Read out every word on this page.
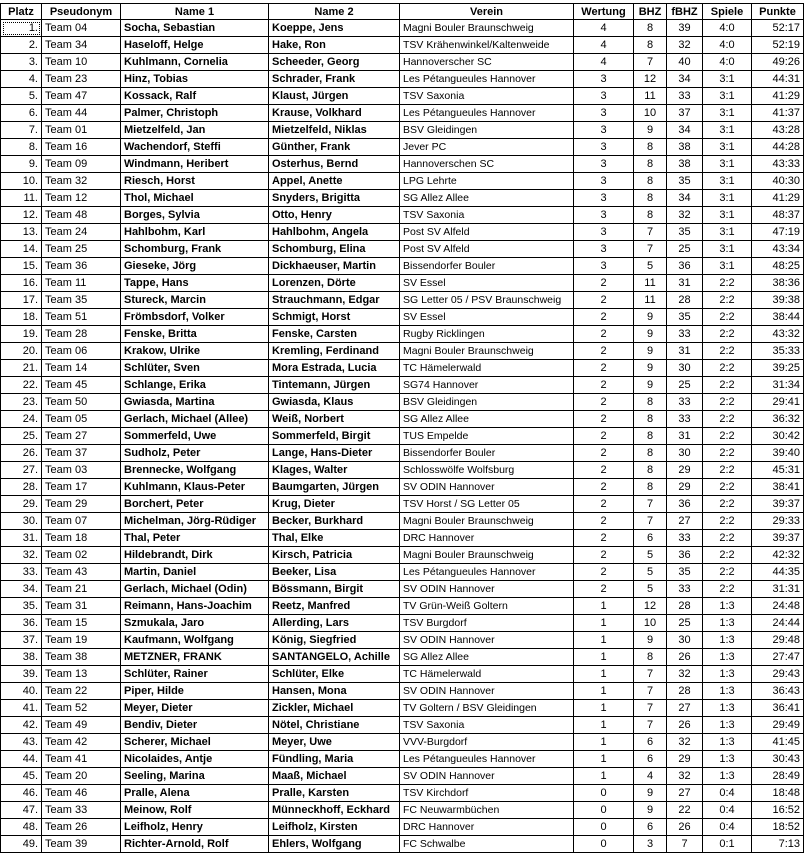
Platz	Pseudonym	Name 1	Name 2	Verein	Wertung	BHZ	fBHZ	Spiele	Punkte
1.	Team 04	Socha, Sebastian	Koeppe, Jens	Magni Bouler Braunschweig	4	8	39	4:0	52:17
2.	Team 34	Haseloff, Helge	Hake, Ron	TSV Krähenwinkel/Kaltenweide	4	8	32	4:0	52:19
3.	Team 10	Kuhlmann, Cornelia	Scheeder, Georg	Hannoverscher SC	4	7	40	4:0	49:26
4.	Team 23	Hinz, Tobias	Schrader, Frank	Les Pétangueules Hannover	3	12	34	3:1	44:31
5.	Team 47	Kossack, Ralf	Klaust, Jürgen	TSV Saxonia	3	11	33	3:1	41:29
6.	Team 44	Palmer, Christoph	Krause, Volkhard	Les Pétangueules Hannover	3	10	37	3:1	41:37
7.	Team 01	Mietzelfeld, Jan	Mietzelfeld, Niklas	BSV Gleidingen	3	9	34	3:1	43:28
8.	Team 16	Wachendorf, Steffi	Günther, Frank	Jever PC	3	8	38	3:1	44:28
9.	Team 09	Windmann, Heribert	Osterhus, Bernd	Hannoverschen SC	3	8	38	3:1	43:33
10.	Team 32	Riesch, Horst	Appel, Anette	LPG Lehrte	3	8	35	3:1	40:30
11.	Team 12	Thol, Michael	Snyders, Brigitta	SG Allez Allee	3	8	34	3:1	41:29
12.	Team 48	Borges, Sylvia	Otto, Henry	TSV Saxonia	3	8	32	3:1	48:37
13.	Team 24	Hahlbohm, Karl	Hahlbohm, Angela	Post SV Alfeld	3	7	35	3:1	47:19
14.	Team 25	Schomburg, Frank	Schomburg, Elina	Post SV Alfeld	3	7	25	3:1	43:34
15.	Team 36	Gieseke, Jörg	Dickhaeuser, Martin	Bissendorfer Bouler	3	5	36	3:1	48:25
16.	Team 11	Tappe, Hans	Lorenzen, Dörte	SV Essel	2	11	31	2:2	38:36
17.	Team 35	Stureck, Marcin	Strauchmann, Edgar	SG Letter 05 / PSV Braunschweig	2	11	28	2:2	39:38
18.	Team 51	Frömbsdorf, Volker	Schmigt, Horst	SV Essel	2	9	35	2:2	38:44
19.	Team 28	Fenske, Britta	Fenske, Carsten	Rugby Ricklingen	2	9	33	2:2	43:32
20.	Team 06	Krakow, Ulrike	Kremling, Ferdinand	Magni Bouler Braunschweig	2	9	31	2:2	35:33
21.	Team 14	Schlüter, Sven	Mora Estrada, Lucia	TC Hämelerwald	2	9	30	2:2	39:25
22.	Team 45	Schlange, Erika	Tintemann, Jürgen	SG74 Hannover	2	9	25	2:2	31:34
23.	Team 50	Gwiasda, Martina	Gwiasda, Klaus	BSV Gleidingen	2	8	33	2:2	29:41
24.	Team 05	Gerlach, Michael (Allee)	Weiß, Norbert	SG Allez Allee	2	8	33	2:2	36:32
25.	Team 27	Sommerfeld, Uwe	Sommerfeld, Birgit	TUS Empelde	2	8	31	2:2	30:42
26.	Team 37	Sudholz, Peter	Lange, Hans-Dieter	Bissendorfer Bouler	2	8	30	2:2	39:40
27.	Team 03	Brennecke, Wolfgang	Klages, Walter	Schlosswölfe Wolfsburg	2	8	29	2:2	45:31
28.	Team 17	Kuhlmann, Klaus-Peter	Baumgarten, Jürgen	SV ODIN Hannover	2	8	29	2:2	38:41
29.	Team 29	Borchert, Peter	Krug, Dieter	TSV Horst / SG Letter 05	2	7	36	2:2	39:37
30.	Team 07	Michelman, Jörg-Rüdiger	Becker, Burkhard	Magni Bouler Braunschweig	2	7	27	2:2	29:33
31.	Team 18	Thal, Peter	Thal, Elke	DRC Hannover	2	6	33	2:2	39:37
32.	Team 02	Hildebrandt, Dirk	Kirsch, Patricia	Magni Bouler Braunschweig	2	5	36	2:2	42:32
33.	Team 43	Martin, Daniel	Beeker, Lisa	Les Pétangueules Hannover	2	5	35	2:2	44:35
34.	Team 21	Gerlach, Michael (Odin)	Bössmann, Birgit	SV ODIN Hannover	2	5	33	2:2	31:31
35.	Team 31	Reimann, Hans-Joachim	Reetz, Manfred	TV Grün-Weiß Goltern	1	12	28	1:3	24:48
36.	Team 15	Szmukala, Jaro	Allerding, Lars	TSV Burgdorf	1	10	25	1:3	24:44
37.	Team 19	Kaufmann, Wolfgang	König, Siegfried	SV ODIN Hannover	1	9	30	1:3	29:48
38.	Team 38	METZNER, FRANK	SANTANGELO, Achille	SG Allez Allee	1	8	26	1:3	27:47
39.	Team 13	Schlüter, Rainer	Schlüter, Elke	TC Hämelerwald	1	7	32	1:3	29:43
40.	Team 22	Piper, Hilde	Hansen, Mona	SV ODIN Hannover	1	7	28	1:3	36:43
41.	Team 52	Meyer, Dieter	Zickler, Michael	TV Goltern / BSV Gleidingen	1	7	27	1:3	36:41
42.	Team 49	Bendiv, Dieter	Nötel, Christiane	TSV Saxonia	1	7	26	1:3	29:49
43.	Team 42	Scherer, Michael	Meyer, Uwe	VVV-Burgdorf	1	6	32	1:3	41:45
44.	Team 41	Nicolaides, Antje	Fündling, Maria	Les Pétangueules Hannover	1	6	29	1:3	30:43
45.	Team 20	Seeling, Marina	Maaß, Michael	SV ODIN Hannover	1	4	32	1:3	28:49
46.	Team 46	Pralle, Alena	Pralle, Karsten	TSV Kirchdorf	0	9	27	0:4	18:48
47.	Team 33	Meinow, Rolf	Münneckhoff, Eckhard	FC Neuwarmbüchen	0	9	22	0:4	16:52
48.	Team 26	Leifholz, Henry	Leifholz, Kirsten	DRC Hannover	0	6	26	0:4	18:52
49.	Team 39	Richter-Arnold, Rolf	Ehlers, Wolfgang	FC Schwalbe	0	3	7	0:1	7:13
